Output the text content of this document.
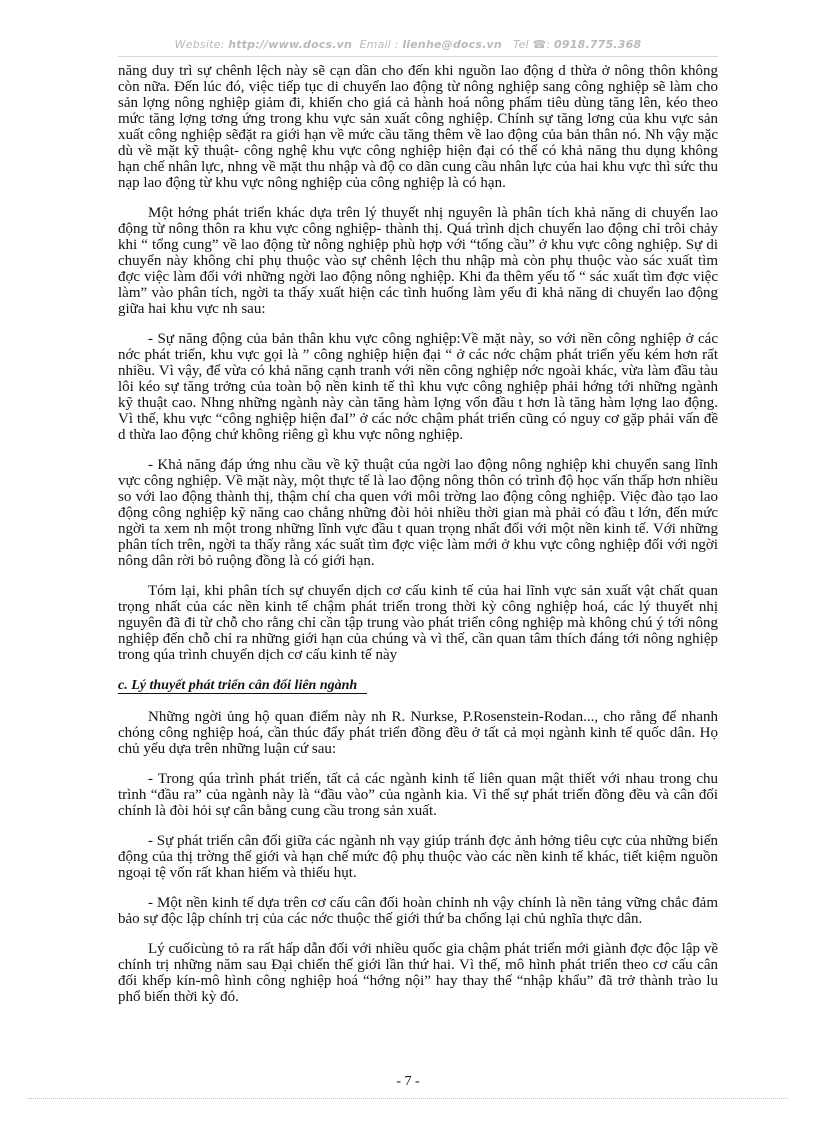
Website: http://www.docs.vn Email : lienhe@docs.vn Tel ☎: 0918.775.368

năng duy trì sự chênh lệch này sẽ cạn dần cho đến khi nguồn lao động d thừa ở nông thôn không còn nữa. Đến lúc đó, việc tiếp tục di chuyển lao động từ nông nghiệp sang công nghiệp sẽ làm cho sản lợng nông nghiệp giảm đi, khiến cho giá cả hành hoá nông phẩm tiêu dùng tăng lên, kéo theo mức tăng lợng tơng ứng trong khu vực sản xuất công nghiệp. Chính sự tăng lơng của khu vực sản xuất công nghiệp sẽđặt ra giới hạn về mức cầu tăng thêm về lao động của bản thân nó. Nh vậy mặc dù về mặt kỹ thuật- công nghệ khu vực công nghiệp hiện đại có thể có khả năng thu dụng không hạn chế nhân lực, nhng về mặt thu nhập và độ co dãn cung cầu nhân lực của hai khu vực thì sức thu nạp lao động từ khu vực nông nghiệp của công nghiệp là có hạn.

Một hớng phát triển khác dựa trên lý thuyết nhị nguyên là phân tích khả năng di chuyển lao động từ nông thôn ra khu vực công nghiệp- thành thị. Quá trình dịch chuyển lao động chỉ trôi chảy khi “ tổng cung” về lao động từ nông nghiệp phù hợp với “tổng cầu” ở khu vực công nghiệp. Sự di chuyển này không chỉ phụ thuộc vào sự chênh lệch thu nhập mà còn phụ thuộc vào sác xuất tìm đợc việc làm đối với những ngời lao động nông nghiệp. Khi đa thêm yếu tố “ sác xuất tìm đợc việc làm” vào phân tích, ngời ta thấy xuất hiện các tình huống làm yếu đi khả năng di chuyển lao động giữa hai khu vực nh sau:

- Sự năng động của bản thân khu vực công nghiệp:Về mặt này, so với nền công nghiệp ở các nớc phát triển, khu vực gọi là ” công nghiệp hiện đại “ ở các nớc chậm phát triển yếu kém hơn rất nhiều. Vì vậy, để vừa có khả năng cạnh tranh với nền công nghiệp nớc ngoài khác, vừa làm đầu tàu lôi kéo sự tăng trởng của toàn bộ nền kinh tế thì khu vực công nghiệp phải hớng tới những ngành kỹ thuật cao. Nhng những ngành này càn tăng hàm lợng vốn đầu t hơn là tăng hàm lợng lao động. Vì thế, khu vực “công nghiệp hiện đaI” ở các nớc chậm phát triển cũng có nguy cơ gặp phải vấn đề d thừa lao động chứ không riêng gì khu vực nông nghiệp.

- Khả năng đáp ứng nhu cầu về kỹ thuật của ngời lao động nông nghiệp khi chuyển sang lĩnh vực công nghiệp. Về mặt này, một thực tế là lao động nông thôn có trình độ học vấn thấp hơn nhiều so với lao động thành thị, thậm chí cha quen với môi trờng lao động công nghiệp. Việc đào tạo lao động công nghiệp kỹ năng cao chẳng những đòi hỏi nhiều thời gian mà phải có đầu t lớn, đến mức ngời ta xem nh một trong những lĩnh vực đầu t quan trọng nhất đối với một nền kinh tế. Với những phân tích trên, ngời ta thấy rằng xác suất tìm đợc việc làm mới ở khu vực công nghiệp đối với ngời nông dân rời bỏ ruộng đồng là có giới hạn.

Tóm lại, khi phân tích sự chuyển dịch cơ cấu kinh tế của hai lĩnh vực sản xuất vật chất quan trọng nhất của các nền kinh tế chậm phát triển trong thời kỳ công nghiệp hoá, các lý thuyết nhị nguyên đã đi từ chỗ cho rằng chỉ cần tập trung vào phát triển công nghiệp mà không chú ý tới nông nghiệp đến chỗ chỉ ra những giới hạn của chúng và vì thế, cần quan tâm thích đáng tới nông nghiệp trong qúa trình chuyển dịch cơ cấu kinh tế này

c. Lý thuyết phát triển cân đối liên ngành

Những ngời ủng hộ quan điểm này nh R. Nurkse, P.Rosenstein-Rodan..., cho rằng để nhanh chóng công nghiệp hoá, cần thúc đẩy phát triển đồng đều ở tất cả mọi ngành kinh tế quốc dân. Họ chủ yếu dựa trên những luận cứ sau:

- Trong qúa trình phát triển, tất cả các ngành kinh tế liên quan mật thiết với nhau trong chu trình “đầu ra” của ngành này là “đầu vào” của ngành kia. Vì thế sự phát triển đồng đều và cân đối chính là đòi hỏi sự cân bằng cung cầu trong sản xuất.

- Sự phát triển cân đối giữa các ngành nh vạy giúp tránh đợc ảnh hởng tiêu cực của những biến động của thị trờng thế giới và hạn chế mức độ phụ thuộc vào các nền kinh tế khác, tiết kiệm nguồn ngoại tệ vốn rất khan hiếm và thiếu hụt.

- Một nền kinh tế dựa trên cơ cấu cân đối hoàn chỉnh nh vậy chính là nền tảng vững chắc đảm bảo sự độc lập chính trị của các nớc thuộc thế giới thứ ba chống lại chủ nghĩa thực dân.

Lý cuốicùng tỏ ra rất hấp dẫn đối với nhiều quốc gia chậm phát triển mới giành đợc độc lập về chính trị những năm sau Đại chiến thế giới lần thứ hai. Vì thế, mô hình phát triển theo cơ cấu cân đối khếp kín-mô hình công nghiệp hoá “hớng nội” hay thay thế “nhập khẩu” đã trở thành trào lu phổ biến thời kỳ đó.

- 7 -
